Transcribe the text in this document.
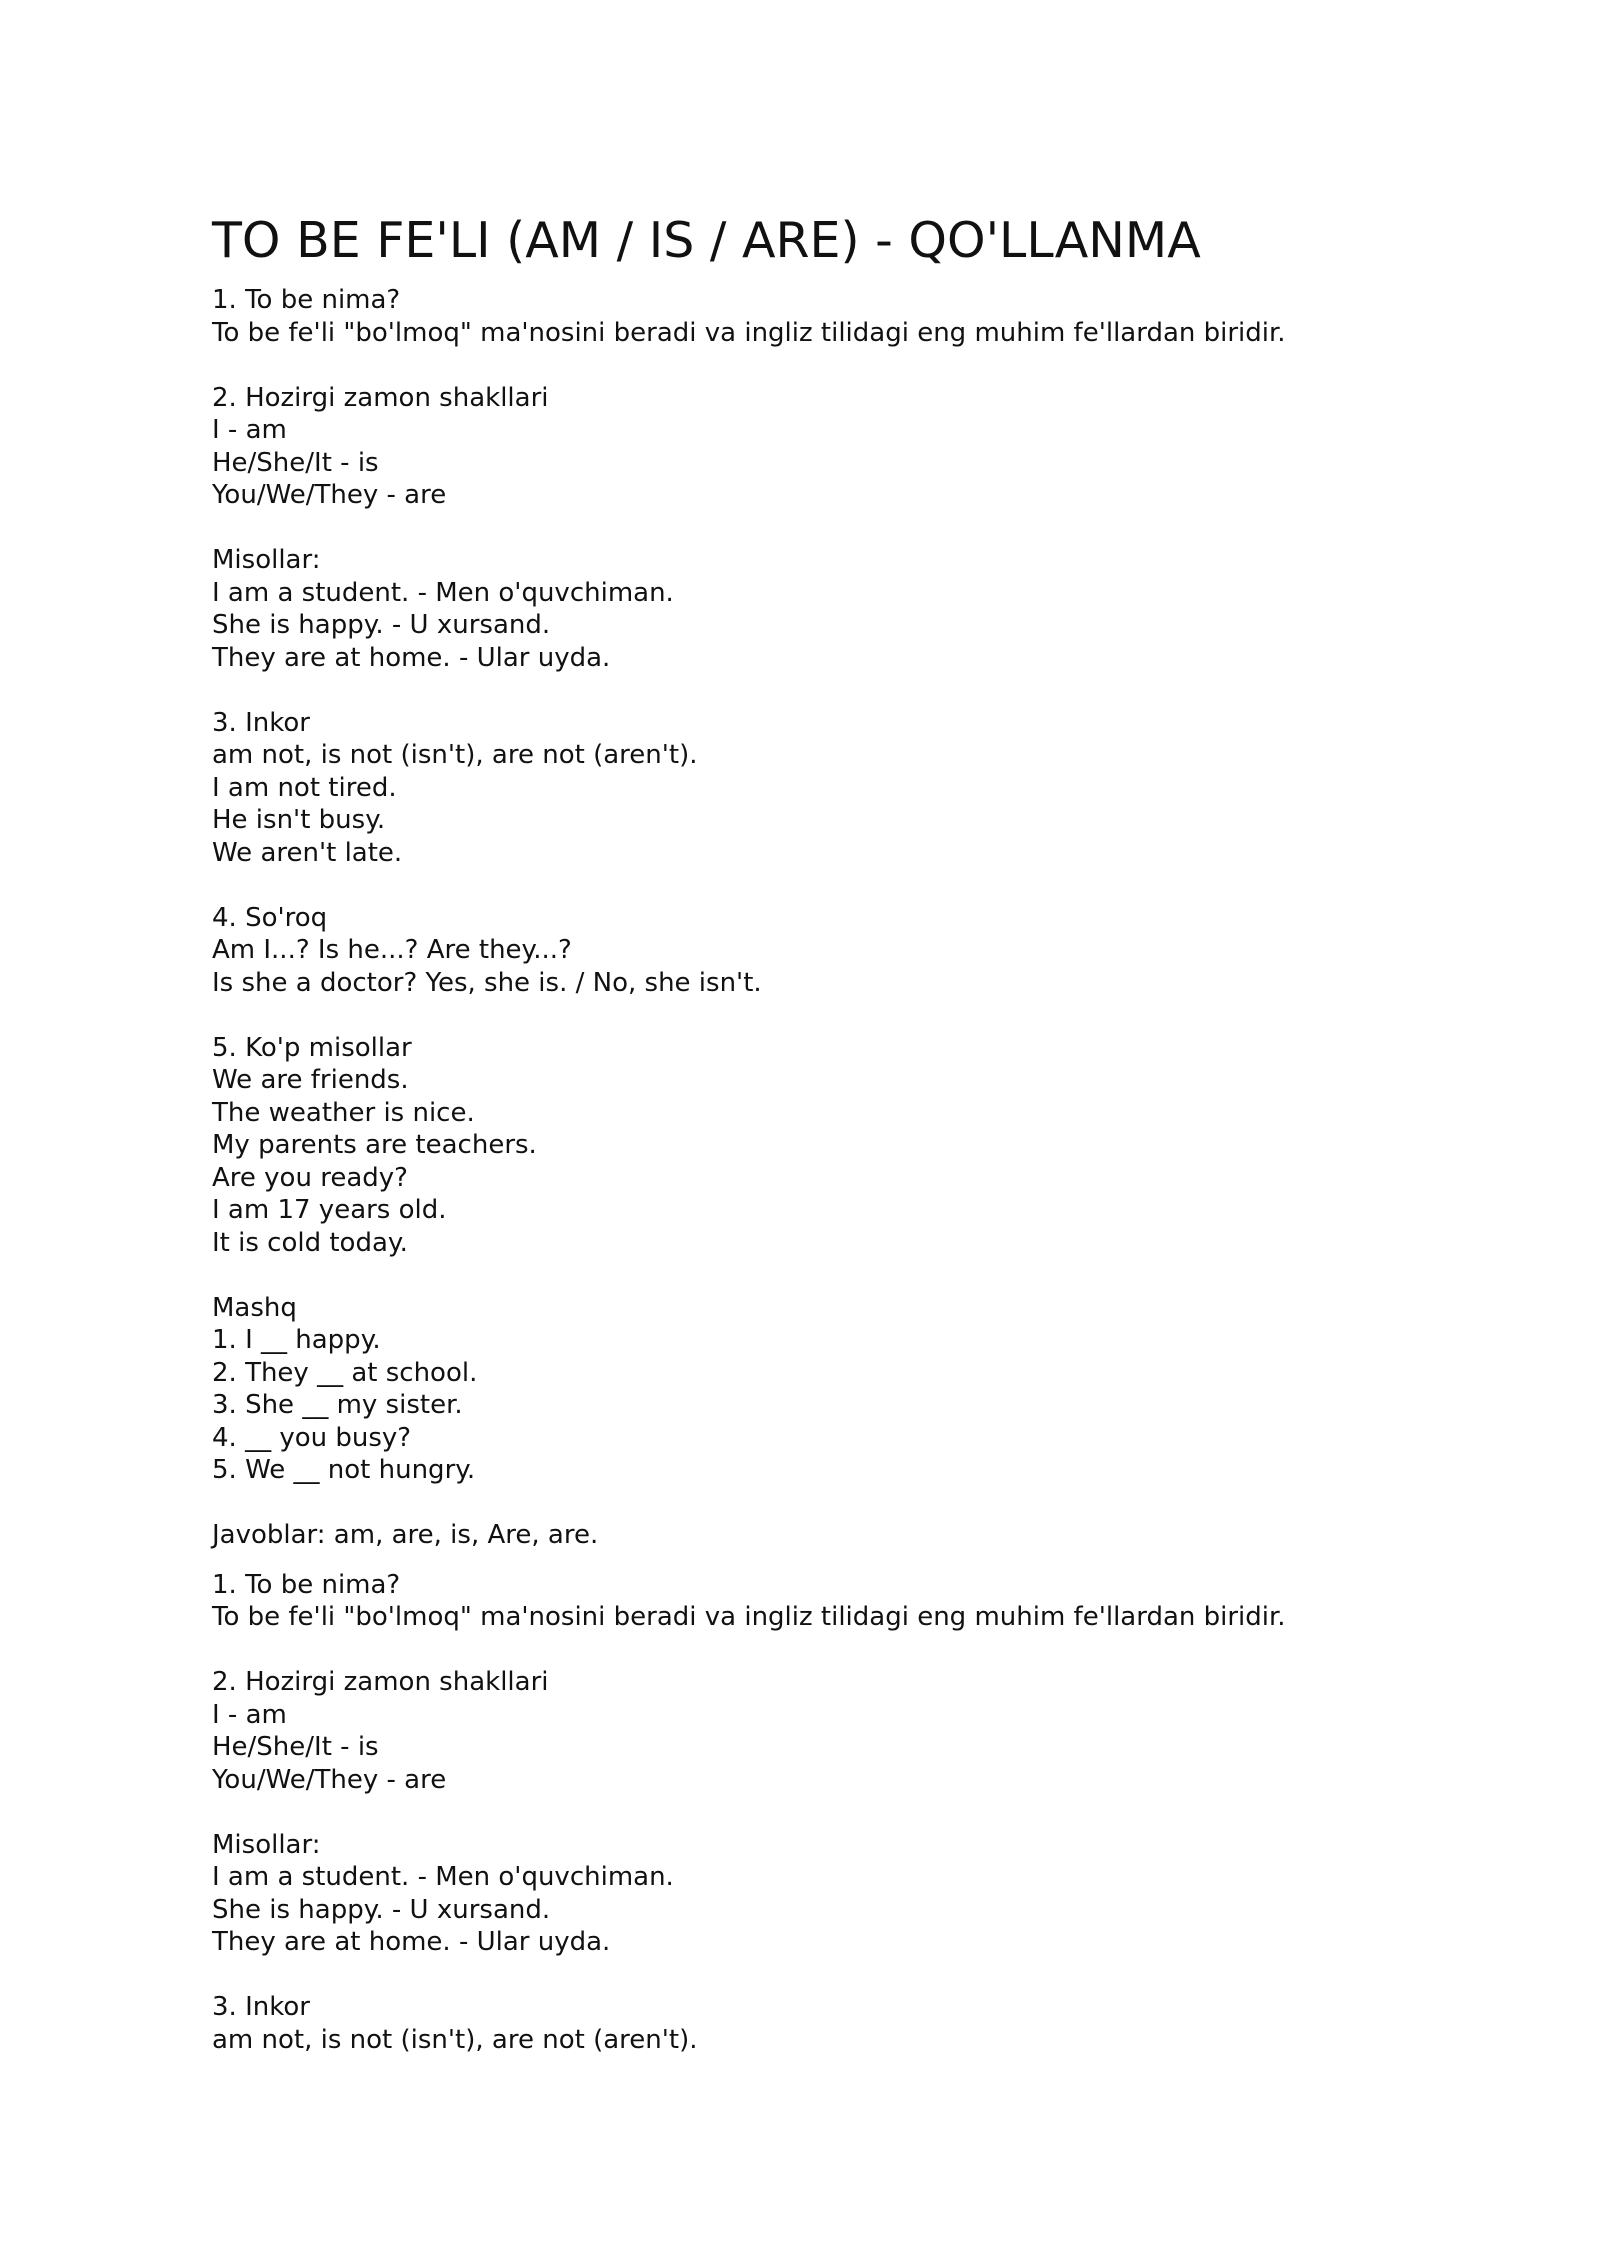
TO BE FE'LI (AM / IS / ARE) - QO'LLANMA
1. To be nima?
To be fe'li "bo'lmoq" ma'nosini beradi va ingliz tilidagi eng muhim fe'llardan biridir.
2. Hozirgi zamon shakllari
I - am
He/She/It - is
You/We/They - are
Misollar:
I am a student. - Men o'quvchiman.
She is happy. - U xursand.
They are at home. - Ular uyda.
3. Inkor
am not, is not (isn't), are not (aren't).
I am not tired.
He isn't busy.
We aren't late.
4. So'roq
Am I...? Is he...? Are they...?
Is she a doctor? Yes, she is. / No, she isn't.
5. Ko'p misollar
We are friends.
The weather is nice.
My parents are teachers.
Are you ready?
I am 17 years old.
It is cold today.
Mashq
1. I __ happy.
2. They __ at school.
3. She __ my sister.
4. __ you busy?
5. We __ not hungry.
Javoblar: am, are, is, Are, are.
1. To be nima?
To be fe'li "bo'lmoq" ma'nosini beradi va ingliz tilidagi eng muhim fe'llardan biridir.
2. Hozirgi zamon shakllari
I - am
He/She/It - is
You/We/They - are
Misollar:
I am a student. - Men o'quvchiman.
She is happy. - U xursand.
They are at home. - Ular uyda.
3. Inkor
am not, is not (isn't), are not (aren't).
